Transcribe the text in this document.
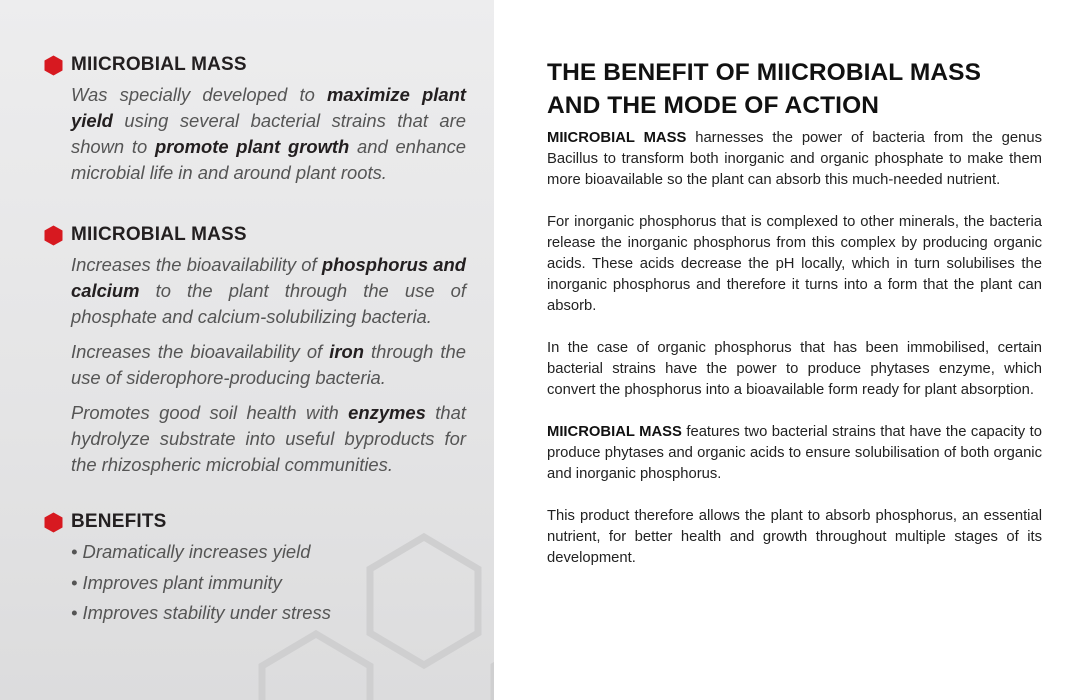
MIICROBIAL MASS

Was specially developed to maximize plant yield using several bacterial strains that are shown to promote plant growth and enhance microbial life in and around plant roots.

MIICROBIAL MASS

Increases the bioavailability of phosphorus and calcium to the plant through the use of phosphate and calcium-solubilizing bacteria.

Increases the bioavailability of iron through the use of siderophore-producing bacteria.

Promotes good soil health with enzymes that hydrolyze substrate into useful byproducts for the rhizospheric microbial communities.

BENEFITS
• Dramatically increases yield
• Improves plant immunity
• Improves stability under stress
THE BENEFIT OF MIICROBIAL MASS
AND THE MODE OF ACTION

MIICROBIAL MASS harnesses the power of bacteria from the genus Bacillus to transform both inorganic and organic phosphate to make them more bioavailable so the plant can absorb this much-needed nutrient.

For inorganic phosphorus that is complexed to other minerals, the bacteria release the inorganic phosphorus from this complex by producing organic acids. These acids decrease the pH locally, which in turn solubilises the inorganic phosphorus and therefore it turns into a form that the plant can absorb.

In the case of organic phosphorus that has been immobilised, certain bacterial strains have the power to produce phytases enzyme, which convert the phosphorus into a bioavailable form ready for plant absorption.

MIICROBIAL MASS features two bacterial strains that have the capacity to produce phytases and organic acids to ensure solubilisation of both organic and inorganic phosphorus.

This product therefore allows the plant to absorb phosphorus, an essential nutrient, for better health and growth throughout multiple stages of its development.
